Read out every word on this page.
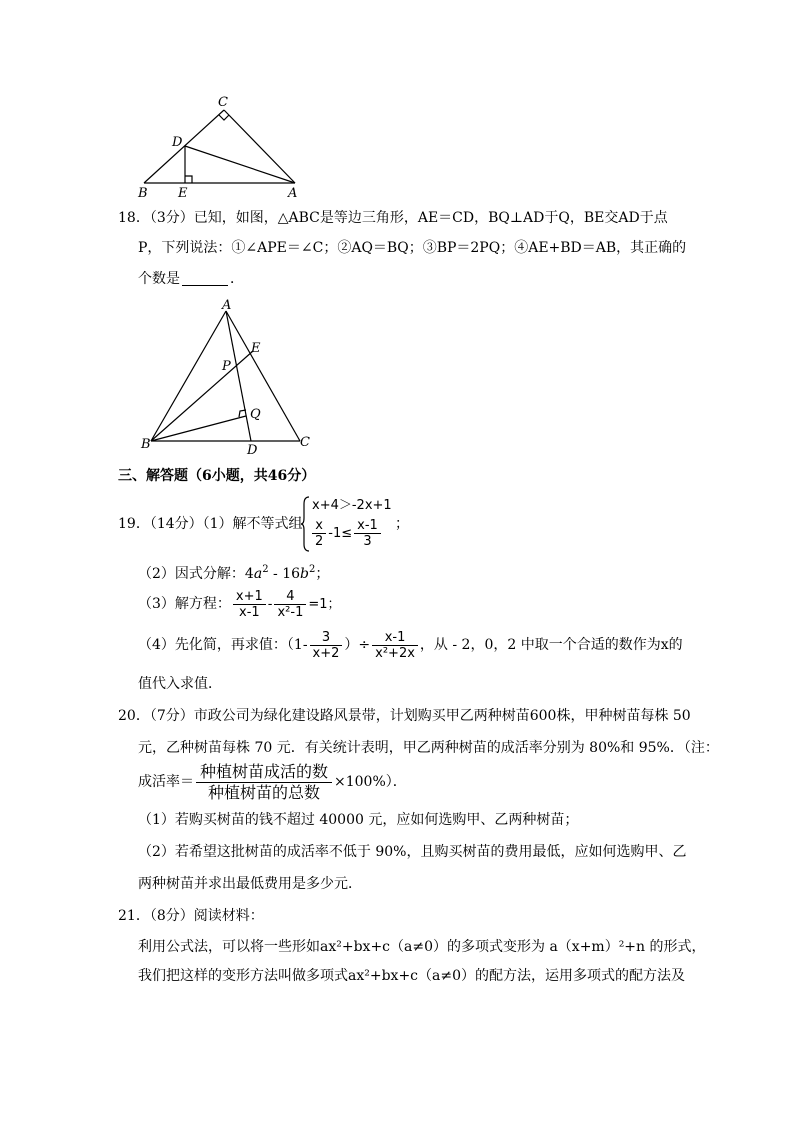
C
D
B E	A
18．（3分）已知，如图，△ABC是等边三角形，AE＝CD，BQ⊥AD于Q，BE交AD于点
P，下列说法：①∠APE＝∠C；②AQ＝BQ；③BP＝2PQ；④AE+BD＝AB，其正确的
个数是	．
A
E
P
Q
B	D
C
三、解答题（6小题，共46分）
19．（14分）（1）解不等式组
x+4＞-2x+1
$\frac{x}{2} -1\le \frac{x-1}{3}$ ；
（2）因式分解：$4a^2 - 16b^2$；
（3）解方程： $\frac{x+1}{x-1} - \frac{4}{\text{x²-1}} =1$；
（4）先化简，再求值：（$1- \frac{3}{x+2}$ ）÷ $\frac{x-1}{\text{x²+2x}}$ ，从 - 2，0，2 中取一个合适的数作为x的
值代入求值．
20．（7分）市政公司为绿化建设路风景带，计划购买甲乙两种树苗600株，甲种树苗每株 50
元，乙种树苗每株 70 元．有关统计表明，甲乙两种树苗的成活率分别为 80%和 95%．（注：
成活率＝ $\frac{\text{种植树苗成活的数}}{\text{种植树苗的总数}} \times 100\%$）．
（1）若购买树苗的钱不超过 40000 元，应如何选购甲、乙两种树苗；
（2）若希望这批树苗的成活率不低于 90%，且购买树苗的费用最低，应如何选购甲、乙
两种树苗并求出最低费用是多少元．
21．（8分）阅读材料：
利用公式法，可以将一些形如ax²+bx+c（a≠0）的多项式变形为 a（x+m）²+n 的形式，
我们把这样的变形方法叫做多项式ax²+bx+c（a≠0）的配方法，运用多项式的配方法及
